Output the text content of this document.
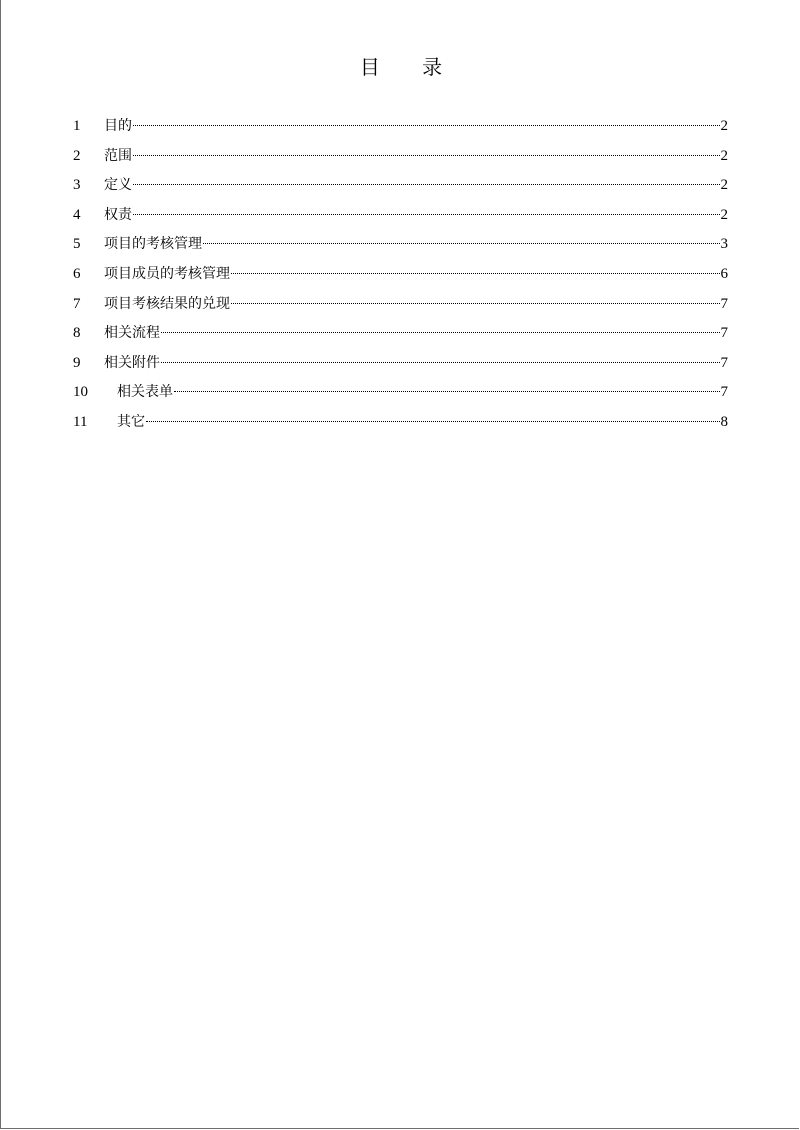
目 录
1	目的	2
2	范围	2
3	定义	2
4	权责	2
5	项目的考核管理	3
6	项目成员的考核管理	6
7	项目考核结果的兑现	7
8	相关流程	7
9	相关附件	7
10	相关表单	7
11	其它	8
